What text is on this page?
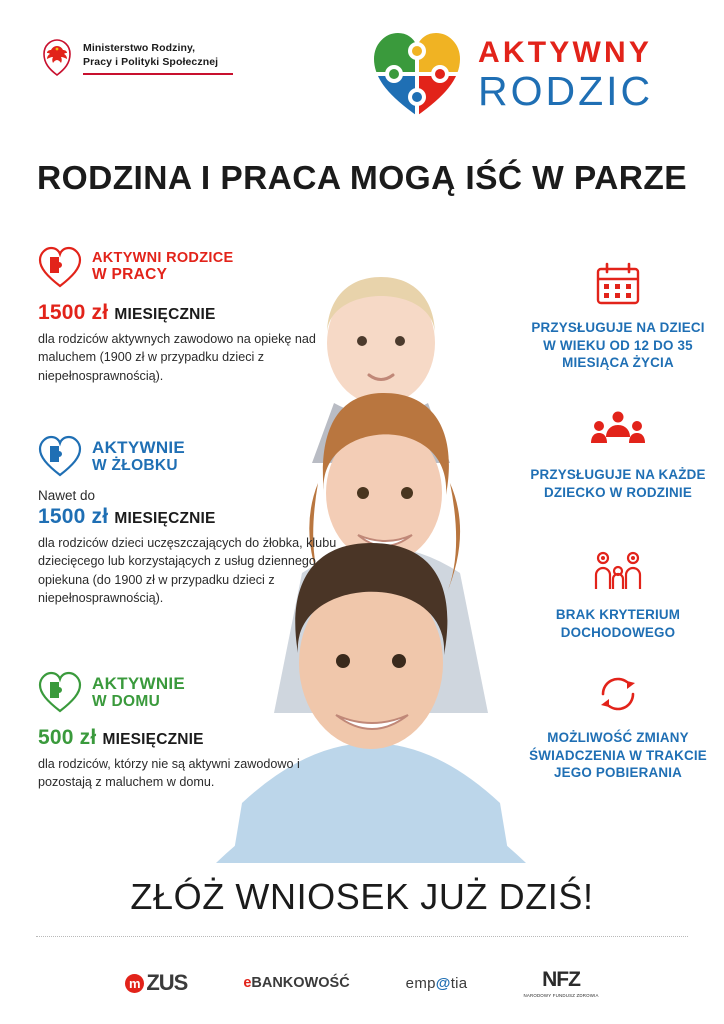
Ministerstwo Rodziny,
Pracy i Polityki Społecznej	AKTYWNY
RODZIC
RODZINA I PRACA MOGĄ IŚĆ W PARZE
AKTYWNI RODZICE
W PRACY
1500 zł MIESIĘCZNIE
dla rodziców aktywnych zawodowo na opiekę nad maluchem (1900 zł w przypadku dzieci z niepełnosprawnością).
AKTYWNIE
W ŻŁOBKU
Nawet do
1500 zł MIESIĘCZNIE
dla rodziców dzieci uczęszczających do żłobka, klubu dziecięcego lub korzystających z usług dziennego opiekuna (do 1900 zł w przypadku dzieci z niepełnosprawnością).
AKTYWNIE
W DOMU
500 zł MIESIĘCZNIE
dla rodziców, którzy nie są aktywni zawodowo i pozostają z maluchem w domu.
PRZYSŁUGUJE NA DZIECI W WIEKU OD 12 DO 35 MIESIĄCA ŻYCIA
PRZYSŁUGUJE NA KAŻDE DZIECKO W RODZINIE
BRAK KRYTERIUM DOCHODOWEGO
MOŻLIWOŚĆ ZMIANY ŚWIADCZENIA W TRAKCIE JEGO POBIERANIA
ZŁÓŻ WNIOSEK JUŻ DZIŚ!
m ZUS	e BANKOWOŚĆ	emp @ tia	NFZ
NARODOWY FUNDUSZ ZDROWIA
